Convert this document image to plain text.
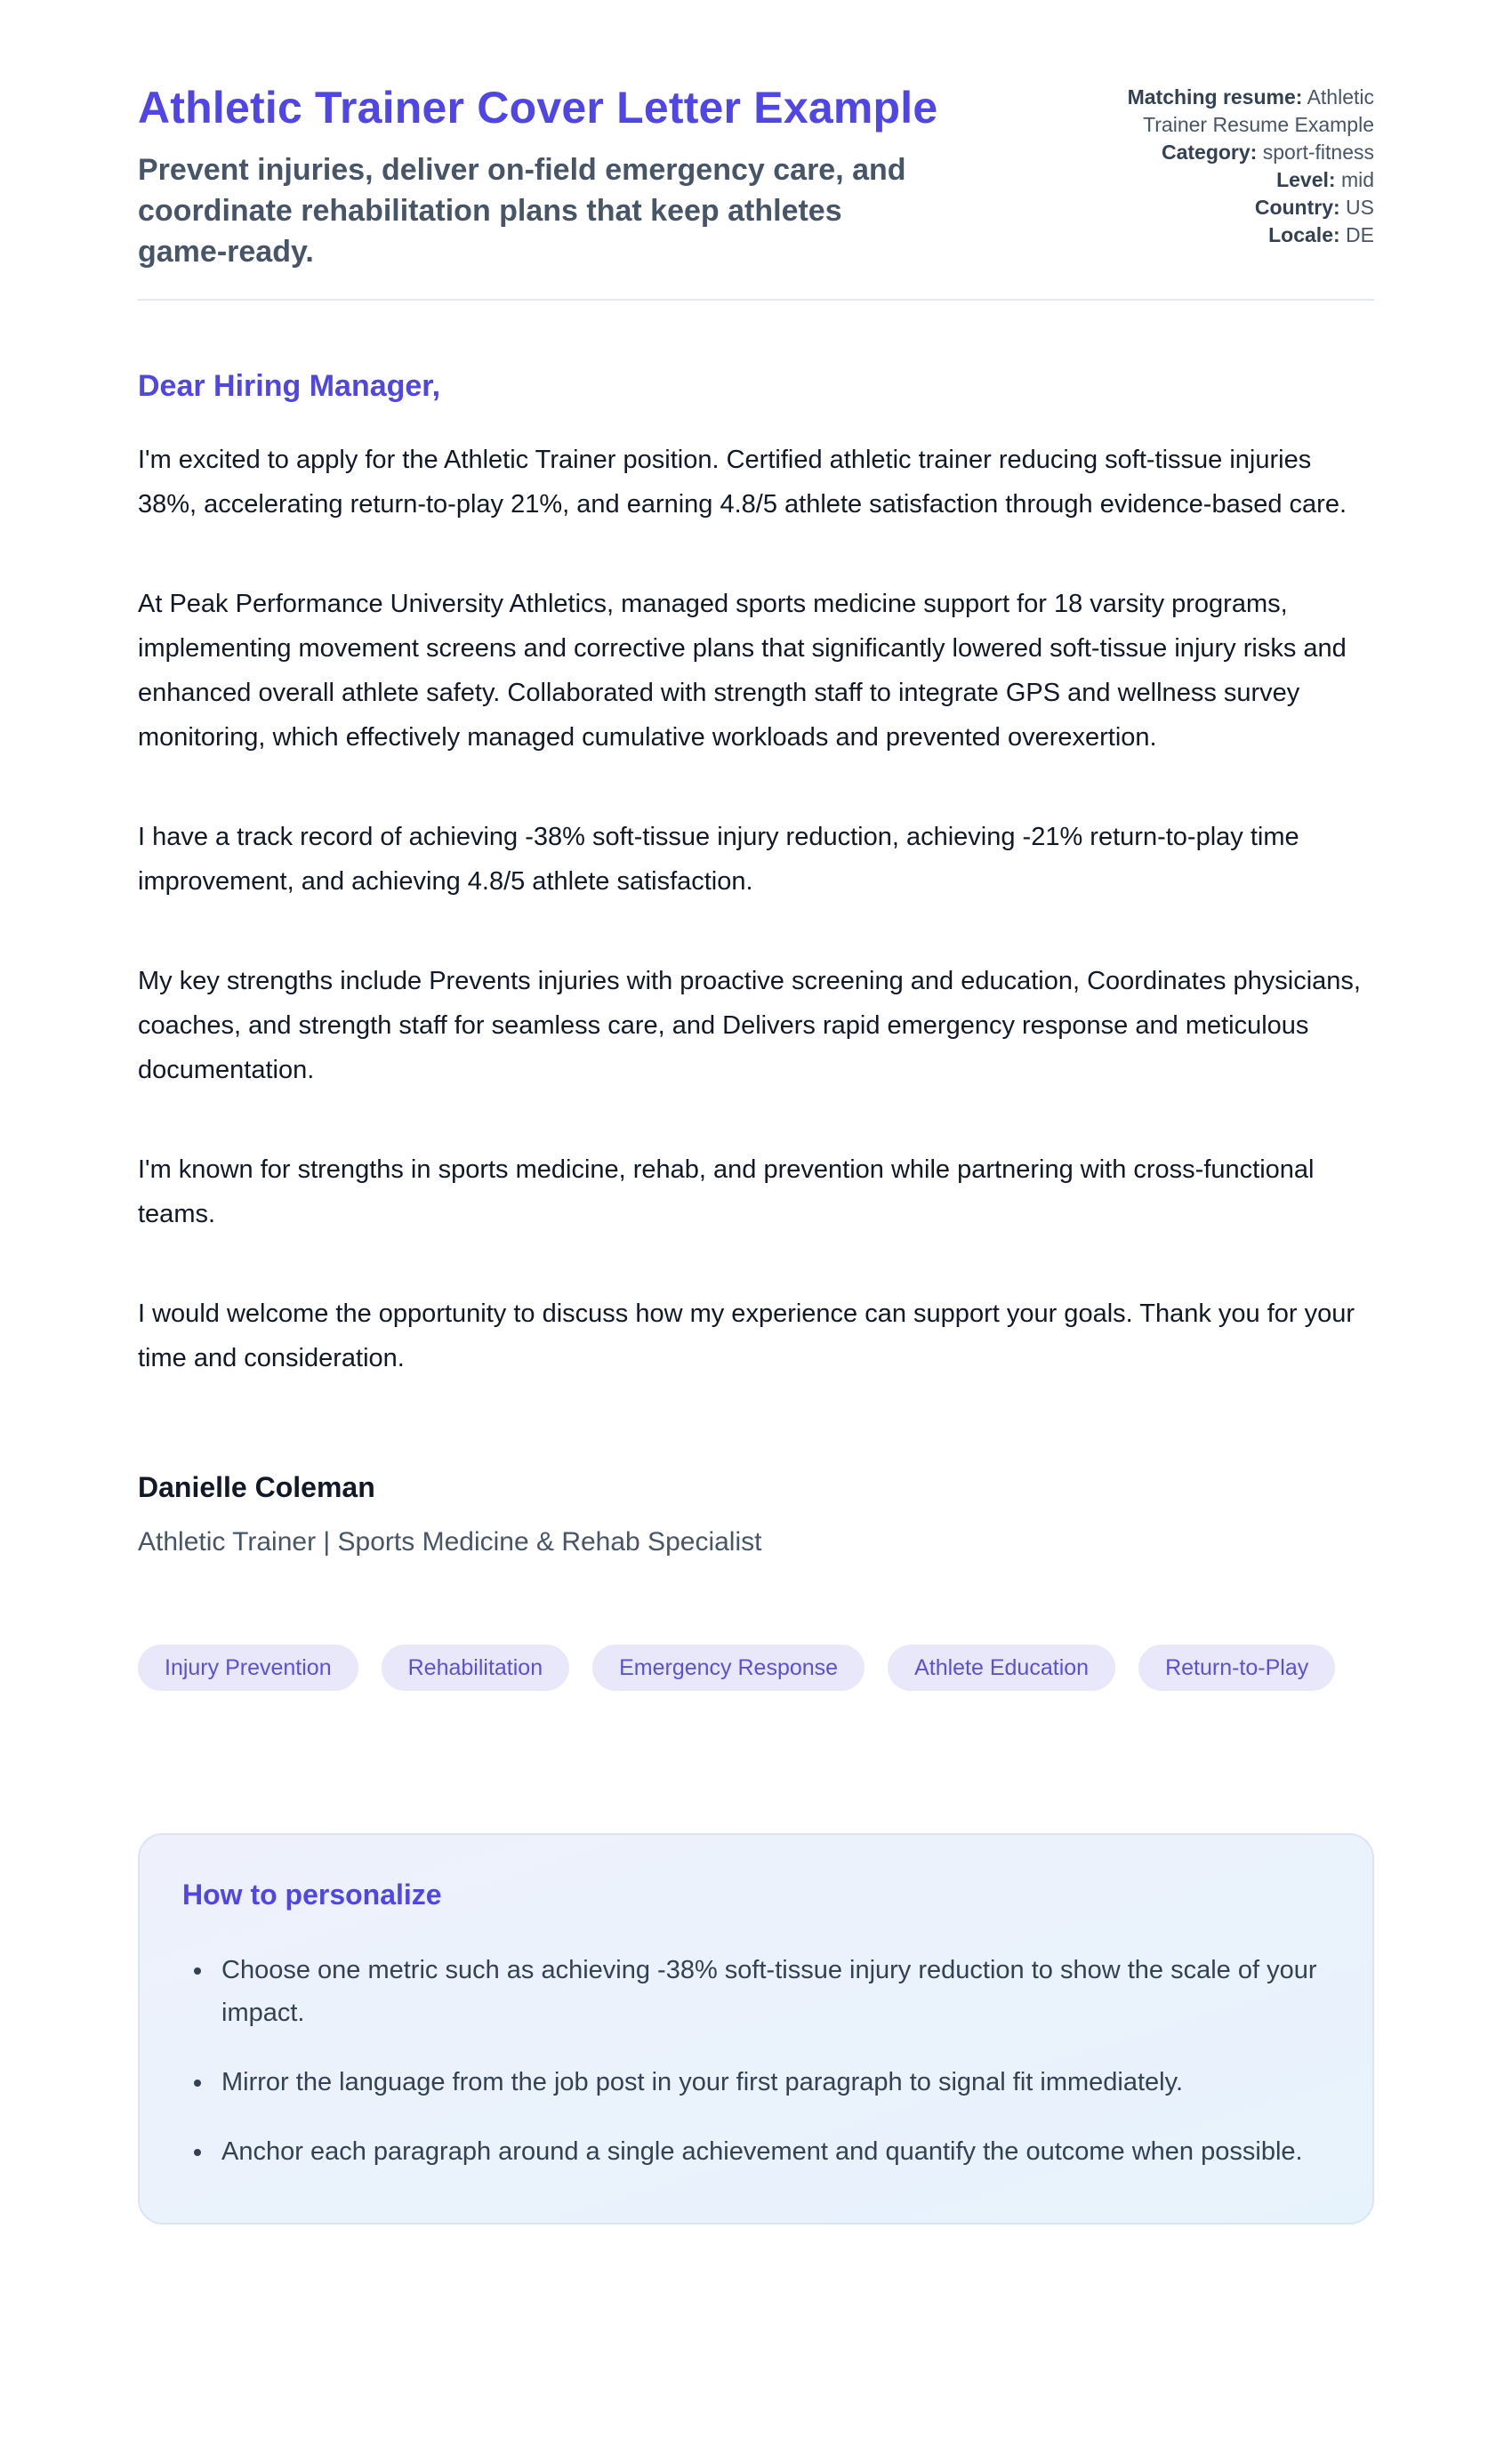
Athletic Trainer Cover Letter Example

Prevent injuries, deliver on-field emergency care, and coordinate rehabilitation plans that keep athletes game-ready.

Matching resume: Athletic Trainer Resume Example
Category: sport-fitness
Level: mid
Country: US
Locale: DE

Dear Hiring Manager,

I'm excited to apply for the Athletic Trainer position. Certified athletic trainer reducing soft-tissue injuries 38%, accelerating return-to-play 21%, and earning 4.8/5 athlete satisfaction through evidence-based care.

At Peak Performance University Athletics, managed sports medicine support for 18 varsity programs, implementing movement screens and corrective plans that significantly lowered soft-tissue injury risks and enhanced overall athlete safety. Collaborated with strength staff to integrate GPS and wellness survey monitoring, which effectively managed cumulative workloads and prevented overexertion.

I have a track record of achieving -38% soft-tissue injury reduction, achieving -21% return-to-play time improvement, and achieving 4.8/5 athlete satisfaction.

My key strengths include Prevents injuries with proactive screening and education, Coordinates physicians, coaches, and strength staff for seamless care, and Delivers rapid emergency response and meticulous documentation.

I'm known for strengths in sports medicine, rehab, and prevention while partnering with cross-functional teams.

I would welcome the opportunity to discuss how my experience can support your goals. Thank you for your time and consideration.

Danielle Coleman

Athletic Trainer | Sports Medicine & Rehab Specialist

Injury Prevention	Rehabilitation	Emergency Response	Athlete Education	Return-to-Play
How to personalize
• Choose one metric such as achieving -38% soft-tissue injury reduction to show the scale of your impact.
• Mirror the language from the job post in your first paragraph to signal fit immediately.
• Anchor each paragraph around a single achievement and quantify the outcome when possible.
